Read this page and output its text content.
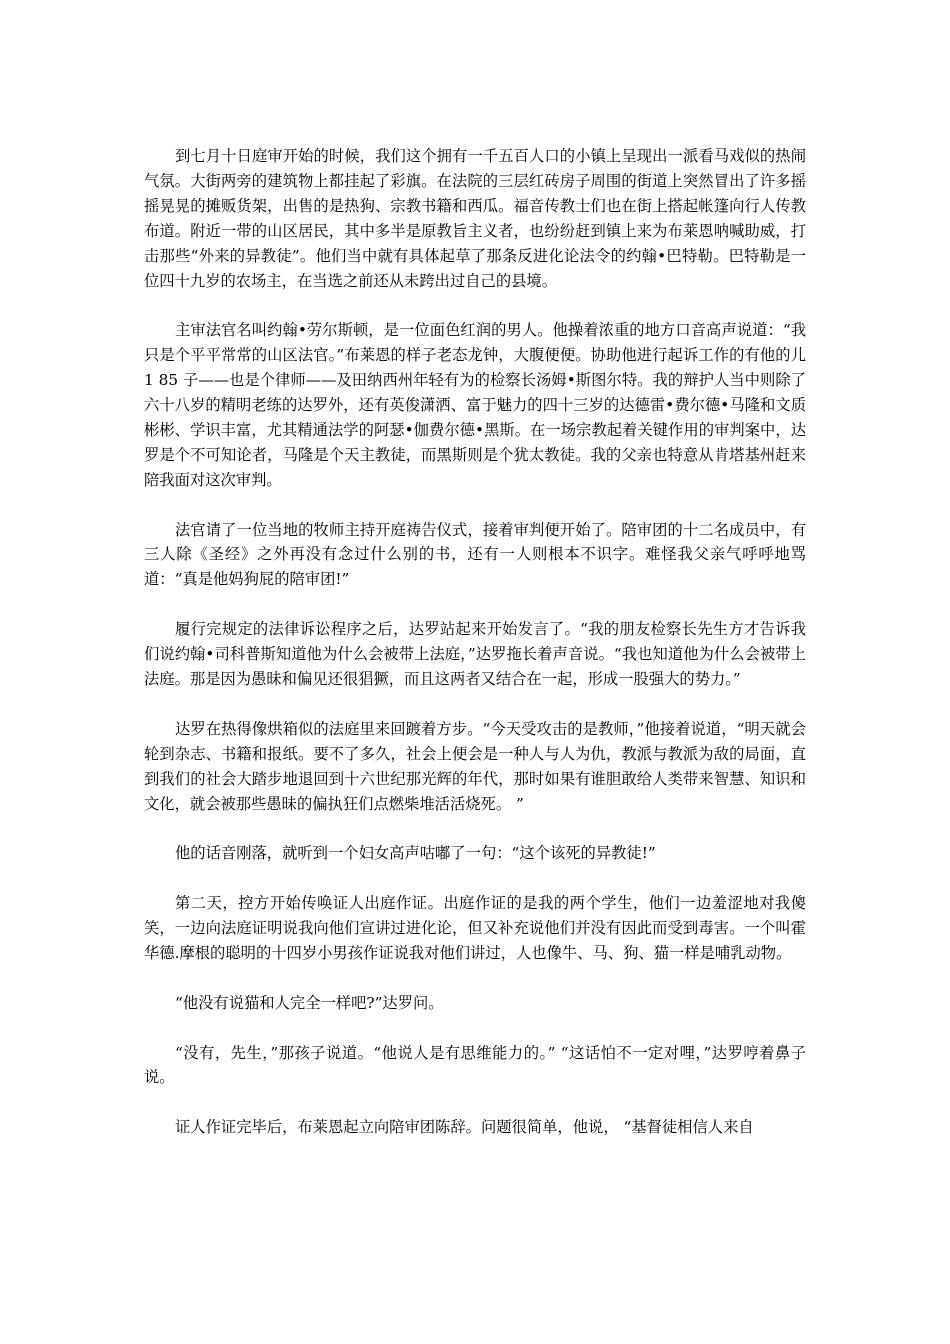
到七月十日庭审开始的时候，我们这个拥有一千五百人口的小镇上呈现出一派看马戏似的热闹气氛。大街两旁的建筑物上都挂起了彩旗。在法院的三层红砖房子周围的街道上突然冒出了许多摇摇晃晃的摊贩货架，出售的是热狗、宗教书籍和西瓜。福音传教士们也在街上搭起帐篷向行人传教布道。附近一带的山区居民，其中多半是原教旨主义者，也纷纷赶到镇上来为布莱恩呐喊助威，打击那些“外来的异教徒”。他们当中就有具体起草了那条反进化论法令的约翰•巴特勒。巴特勒是一位四十九岁的农场主，在当选之前还从未跨出过自己的县境。

主审法官名叫约翰•劳尔斯顿，是一位面色红润的男人。他操着浓重的地方口音高声说道：“我只是个平平常常的山区法官。”布莱恩的样子老态龙钟，大腹便便。协助他进行起诉工作的有他的儿 1 85 子——也是个律师——及田纳西州年轻有为的检察长汤姆•斯图尔特。我的辩护人当中则除了六十八岁的精明老练的达罗外，还有英俊潇洒、富于魅力的四十三岁的达德雷•费尔德•马隆和文质彬彬、学识丰富，尤其精通法学的阿瑟•伽费尔德•黑斯。在一场宗教起着关键作用的审判案中，达罗是个不可知论者，马隆是个天主教徒，而黑斯则是个犹太教徒。我的父亲也特意从肯塔基州赶来陪我面对这次审判。

法官请了一位当地的牧师主持开庭祷告仪式，接着审判便开始了。陪审团的十二名成员中，有三人除《圣经》之外再没有念过什么别的书，还有一人则根本不识字。难怪我父亲气呼呼地骂道：“真是他妈狗屁的陪审团!”

履行完规定的法律诉讼程序之后，达罗站起来开始发言了。“我的朋友检察长先生方才告诉我们说约翰•司科普斯知道他为什么会被带上法庭，”达罗拖长着声音说。“我也知道他为什么会被带上法庭。那是因为愚昧和偏见还很猖獗，而且这两者又结合在一起，形成一股强大的势力。”

达罗在热得像烘箱似的法庭里来回踱着方步。“今天受攻击的是教师，”他接着说道，“明天就会轮到杂志、书籍和报纸。要不了多久，社会上便会是一种人与人为仇，教派与教派为敌的局面，直到我们的社会大踏步地退回到十六世纪那光辉的年代，那时如果有谁胆敢给人类带来智慧、知识和文化，就会被那些愚昧的偏执狂们点燃柴堆活活烧死。 ”

他的话音刚落，就听到一个妇女高声咕嘟了一句：“这个该死的异教徒!”

第二天，控方开始传唤证人出庭作证。出庭作证的是我的两个学生，他们一边羞涩地对我傻笑，一边向法庭证明说我向他们宣讲过进化论，但又补充说他们并没有因此而受到毒害。一个叫霍华德.摩根的聪明的十四岁小男孩作证说我对他们讲过，人也像牛、马、狗、猫一样是哺乳动物。

“他没有说猫和人完全一样吧?”达罗问。

“没有，先生，”那孩子说道。“他说人是有思维能力的。” “这话怕不一定对哩，”达罗哼着鼻子说。

证人作证完毕后，布莱恩起立向陪审团陈辞。问题很简单，他说， “基督徒相信人来自
